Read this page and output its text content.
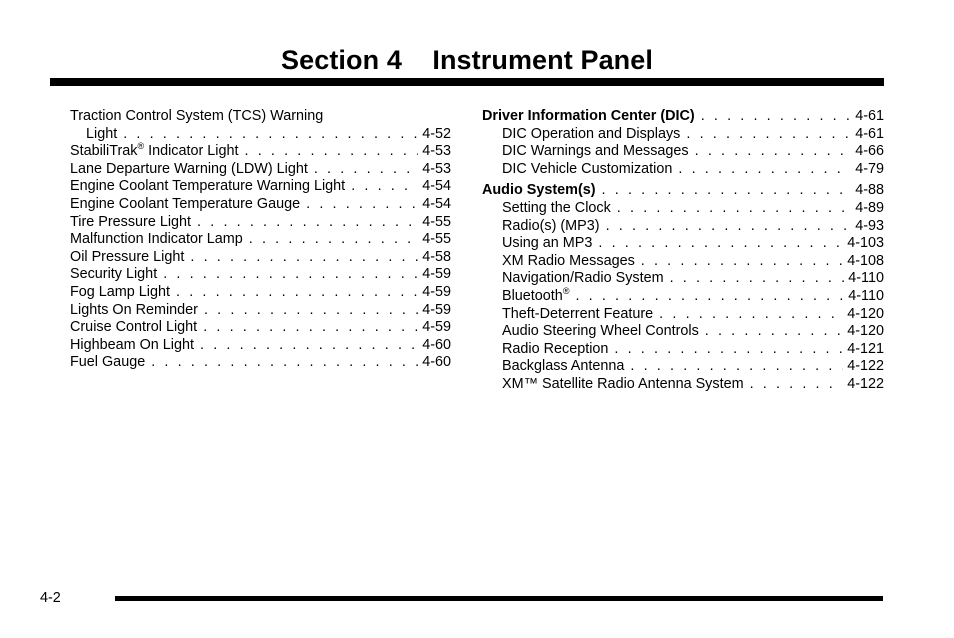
Section 4 Instrument Panel
Traction Control System (TCS) Warning
Light . . .	4-52
StabiliTrak® Indicator Light . . .	4-53
Lane Departure Warning (LDW) Light . . .	4-53
Engine Coolant Temperature Warning Light . . .	4-54
Engine Coolant Temperature Gauge . . .	4-54
Tire Pressure Light . . .	4-55
Malfunction Indicator Lamp . . .	4-55
Oil Pressure Light . . .	4-58
Security Light . . .	4-59
Fog Lamp Light . . .	4-59
Lights On Reminder . . .	4-59
Cruise Control Light . . .	4-59
Highbeam On Light . . .	4-60
Fuel Gauge . . .	4-60
Driver Information Center (DIC) . . .	4-61
DIC Operation and Displays . . .	4-61
DIC Warnings and Messages . . .	4-66
DIC Vehicle Customization . . .	4-79
Audio System(s) . . .	4-88
Setting the Clock . . .	4-89
Radio(s) (MP3) . . .	4-93
Using an MP3 . . .	4-103
XM Radio Messages . . .	4-108
Navigation/Radio System . . .	4-110
Bluetooth® . . .	4-110
Theft-Deterrent Feature . . .	4-120
Audio Steering Wheel Controls . . .	4-120
Radio Reception . . .	4-121
Backglass Antenna . . .	4-122
XM™ Satellite Radio Antenna System . . .	4-122
4-2
